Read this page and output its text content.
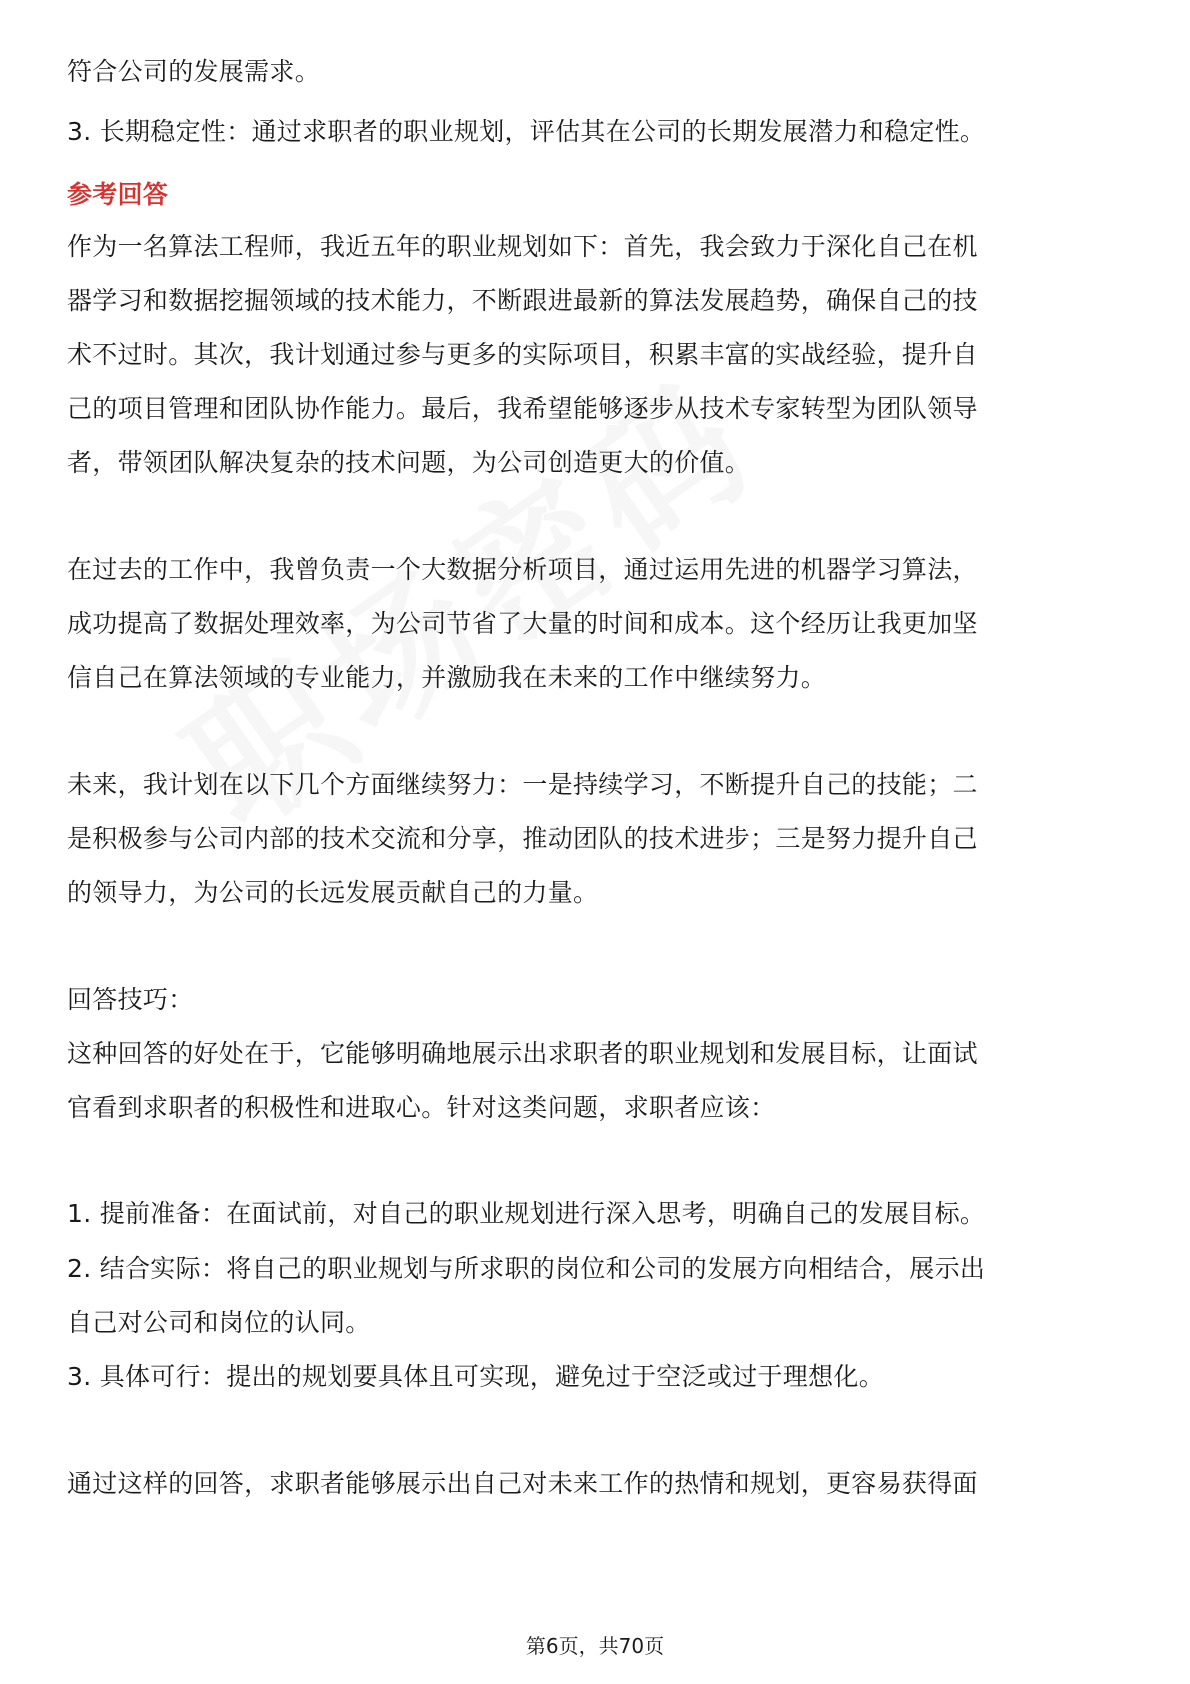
符合公司的发展需求。
3. 长期稳定性：通过求职者的职业规划，评估其在公司的长期发展潜力和稳定性。
参考回答
作为一名算法工程师，我近五年的职业规划如下：首先，我会致力于深化自己在机
器学习和数据挖掘领域的技术能力，不断跟进最新的算法发展趋势，确保自己的技
术不过时。其次，我计划通过参与更多的实际项目，积累丰富的实战经验，提升自
己的项目管理和团队协作能力。最后，我希望能够逐步从技术专家转型为团队领导
者，带领团队解决复杂的技术问题，为公司创造更大的价值。
在过去的工作中，我曾负责一个大数据分析项目，通过运用先进的机器学习算法，
成功提高了数据处理效率，为公司节省了大量的时间和成本。这个经历让我更加坚
信自己在算法领域的专业能力，并激励我在未来的工作中继续努力。
未来，我计划在以下几个方面继续努力：一是持续学习，不断提升自己的技能；二
是积极参与公司内部的技术交流和分享，推动团队的技术进步；三是努力提升自己
的领导力，为公司的长远发展贡献自己的力量。
回答技巧：
这种回答的好处在于，它能够明确地展示出求职者的职业规划和发展目标，让面试
官看到求职者的积极性和进取心。针对这类问题，求职者应该：
1. 提前准备：在面试前，对自己的职业规划进行深入思考，明确自己的发展目标。
2. 结合实际：将自己的职业规划与所求职的岗位和公司的发展方向相结合，展示出
自己对公司和岗位的认同。
3. 具体可行：提出的规划要具体且可实现，避免过于空泛或过于理想化。
通过这样的回答，求职者能够展示出自己对未来工作的热情和规划，更容易获得面
第6页，共70页
